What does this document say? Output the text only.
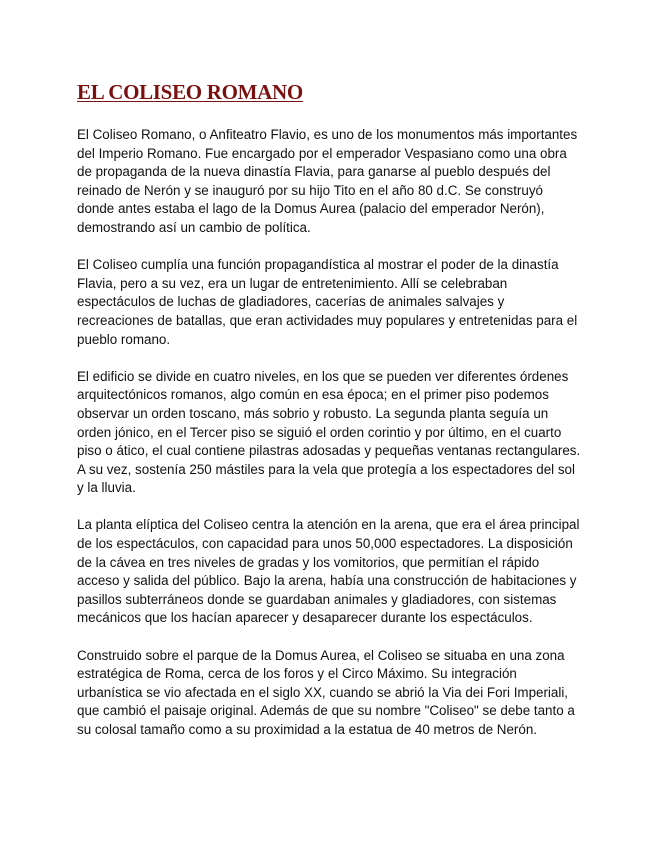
EL COLISEO ROMANO

El Coliseo Romano, o Anfiteatro Flavio, es uno de los monumentos más importantes del Imperio Romano. Fue encargado por el emperador Vespasiano como una obra de propaganda de la nueva dinastía Flavia, para ganarse al pueblo después del reinado de Nerón y se inauguró por su hijo Tito en el año 80 d.C. Se construyó donde antes estaba el lago de la Domus Aurea (palacio del emperador Nerón), demostrando así un cambio de política.

El Coliseo cumplía una función propagandística al mostrar el poder de la dinastía Flavia, pero a su vez, era un lugar de entretenimiento. Allí se celebraban espectáculos de luchas de gladiadores, cacerías de animales salvajes y recreaciones de batallas, que eran actividades muy populares y entretenidas para el pueblo romano.

El edificio se divide en cuatro niveles, en los que se pueden ver diferentes órdenes arquitectónicos romanos, algo común en esa época; en el primer piso podemos observar un orden toscano, más sobrio y robusto. La segunda planta seguía un orden jónico, en el Tercer piso se siguió el orden corintio y por último, en el cuarto piso o ático, el cual contiene pilastras adosadas y pequeñas ventanas rectangulares. A su vez, sostenía 250 mástiles para la vela que protegía a los espectadores del sol y la lluvia.

La planta elíptica del Coliseo centra la atención en la arena, que era el área principal de los espectáculos, con capacidad para unos 50,000 espectadores. La disposición de la cávea en tres niveles de gradas y los vomitorios, que permitían el rápido acceso y salida del público. Bajo la arena, había una construcción de habitaciones y pasillos subterráneos donde se guardaban animales y gladiadores, con sistemas mecánicos que los hacían aparecer y desaparecer durante los espectáculos.

Construido sobre el parque de la Domus Aurea, el Coliseo se situaba en una zona estratégica de Roma, cerca de los foros y el Circo Máximo. Su integración urbanística se vio afectada en el siglo XX, cuando se abrió la Via dei Fori Imperiali, que cambió el paisaje original. Además de que su nombre "Coliseo" se debe tanto a su colosal tamaño como a su proximidad a la estatua de 40 metros de Nerón.
